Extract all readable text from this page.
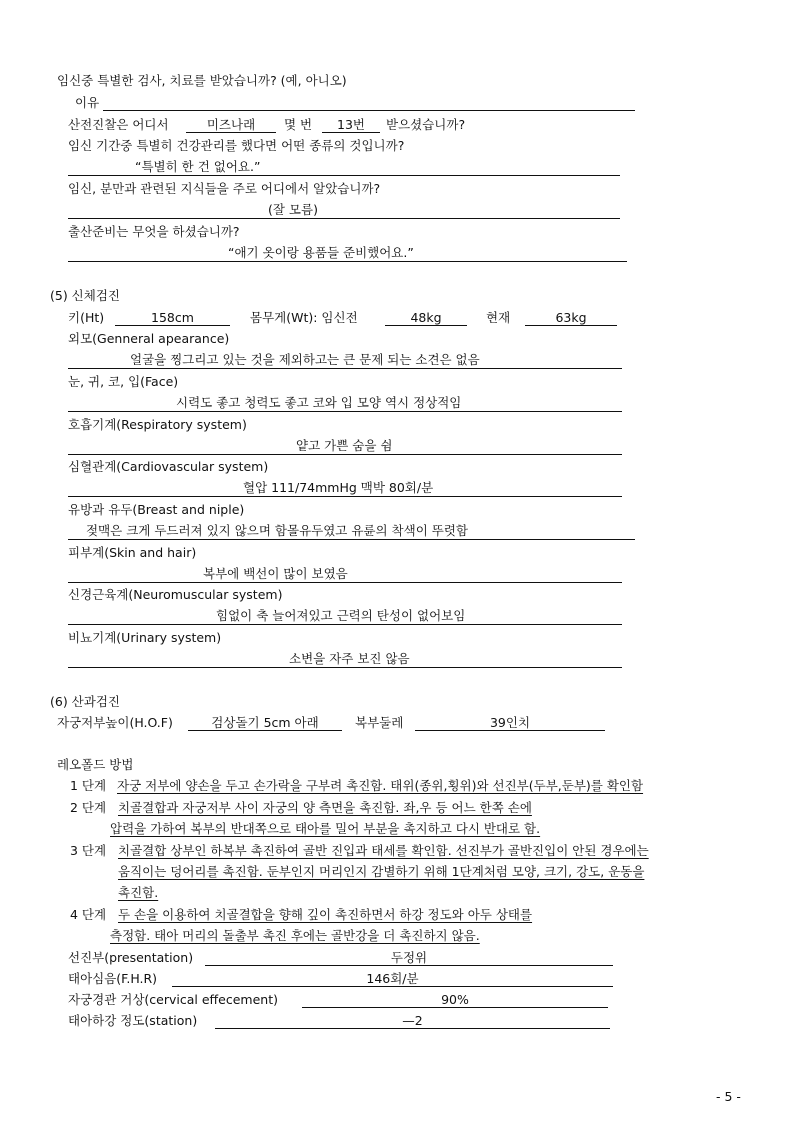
임신중 특별한 검사, 치료를 받았습니까? (예, 아니오)
이유
산전진찰은 어디서	미즈나래	몇 번	13번	받으셨습니까?
임신 기간중 특별히 건강관리를 했다면 어떤 종류의 것입니까?
“특별히 한 건 없어요.”
임신, 분만과 관련된 지식들을 주로 어디에서 알았습니까?
(잘 모름)
출산준비는 무엇을 하셨습니까?
“애기 옷이랑 용품들 준비했어요.”
(5) 신체검진
키(Ht)	158cm	몸무게(Wt): 임신전	48kg	현재	63kg
외모(Genneral apearance)
얼굴을 찡그리고 있는 것을 제외하고는 큰 문제 되는 소견은 없음
눈, 귀, 코, 입(Face)
시력도 좋고 청력도 좋고 코와 입 모양 역시 정상적임
호흡기계(Respiratory system)
얕고 가쁜 숨을 쉼
심혈관계(Cardiovascular system)
혈압 111/74mmHg 맥박 80회/분
유방과 유두(Breast and niple)
젖맥은 크게 두드러져 있지 않으며 함몰유두였고 유륜의 착색이 뚜렷함
피부계(Skin and hair)
복부에 백선이 많이 보였음
신경근육계(Neuromuscular system)
힘없이 축 늘어져있고 근력의 탄성이 없어보임
비뇨기계(Urinary system)
소변을 자주 보진 않음
(6) 산과검진
자궁저부높이(H.O.F)	검상돌기 5cm 아래	복부둘레	39인치
레오폴드 방법
1 단계 자궁 저부에 양손을 두고 손가락을 구부려 촉진함. 태위(종위,횡위)와 선진부(두부,둔부)를 확인함
2 단계 치골결합과 자궁저부 사이 자궁의 양 측면을 촉진함. 좌,우 등 어느 한쪽 손에
압력을 가하여 복부의 반대쪽으로 태아를 밀어 부분을 촉지하고 다시 반대로 함.
3 단계 치골결합 상부인 하복부 촉진하여 골반 진입과 태세를 확인함. 선진부가 골반진입이 안된 경우에는
움직이는 덩어리를 촉진함. 둔부인지 머리인지 감별하기 위해 1단계처럼 모양, 크기, 강도, 운동을
촉진함.
4 단계 두 손을 이용하여 치골결합을 향해 깊이 촉진하면서 하강 정도와 아두 상태를
측정함. 태아 머리의 돌출부 촉진 후에는 골반강을 더 촉진하지 않음.
선진부(presentation)	두정위
태아심음(F.H.R)	146회/분
자궁경관 거상(cervical effecement)	90%
태아하강 정도(station)	—2
- 5 -
